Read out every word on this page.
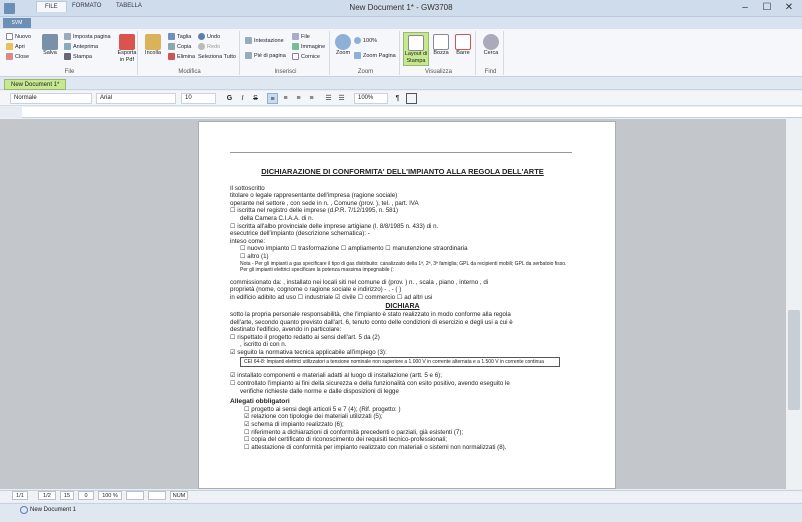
New Document 1* - GW3708	–	☐	✕
SVM
FILE	FORMATO	TABELLA
Nuovo
Apri
Close
Salva
Imposta pagina
Anteprima
Stampa
Esporta in Pdf
File
Incolla
Taglia
Copia
Elimina
Undo
Redo
Seleziona Tutto
Modifica
Intestazione
Piè di pagina
File
Immagine
Cornice
Inserisci
Zoom
100%
Zoom Pagina
Zoom
Layout di Stampa
Bozza	Barre
Visualizza
Cerca
Find
New Document 1*
Normale	Arial	10	G	I	S	≡	≡	≡	≡	☰ ☰	100%	¶
DICHIARAZIONE DI CONFORMITA' DELL'IMPIANTO ALLA REGOLA DELL'ARTE
Il sottoscritto
titolare o legale rappresentante dell'impresa (ragione sociale)
operante nel settore , con sede in n. , Comune (prov. ), tel. , part. IVA
☐ iscritta nel registro delle imprese (d.P.R. 7/12/1995, n. 581)
della Camera C.I.A.A. di n.
☐ iscritta all'albo provinciale delle imprese artigiane (l. 8/8/1985 n. 433) di n.
esecutrice dell'impianto (descrizione schematica): -
inteso come:
☐ nuovo impianto ☐ trasformazione ☐ ampliamento ☐ manutenzione straordinaria
☐ altro (1)
Nota - Per gli impianti a gas specificare il tipo di gas distribuito: canalizzato della 1ª, 2ª, 3ª famiglia; GPL da recipienti mobili; GPL da serbatoio fisso. Per gli impianti elettrici specificare la potenza massima impegnabile (:
commissionato da: , installato nei locali siti nel comune di (prov. ) n. , scala , piano , interno , di
proprietà (nome, cognome o ragione sociale e indirizzo) - , - ( )
in edificio adibito ad uso ☐ industriale ☑ civile ☐ commercio ☐ ad altri usi
DICHIARA
sotto la propria personale responsabilità, che l'impianto è stato realizzato in modo conforme alla regola
dell'arte, secondo quanto previsto dall'art. 6, tenuto conto delle condizioni di esercizio e degli usi a cui è
destinato l'edificio, avendo in particolare:
☐ rispettato il progetto redatto ai sensi dell'art. 5 da (2)
, iscritto di con n.
☑ seguito la normativa tecnica applicabile all'impiego (3):
CEI 64-8: Impianti elettrici utilizzatori a tensione nominale non superiore a 1.000 V in corrente alternata e a 1.500 V in corrente continua
☑ installato componenti e materiali adatti al luogo di installazione (artt. 5 e 6);
☐ controllato l'impianto ai fini della sicurezza e della funzionalità con esito positivo, avendo eseguito le
verifiche richieste dalle norme e dalle disposizioni di legge
Allegati obbligatori
☐ progetto ai sensi degli articoli 5 e 7 (4); (Rif. progetto: )
☑ relazione con tipologie dei materiali utilizzati (5);
☑ schema di impianto realizzato (6);
☐ riferimento a dichiarazioni di conformità precedenti o parziali, già esistenti (7);
☐ copia del certificato di riconoscimento dei requisiti tecnico-professionali;
☐ attestazione di conformità per impianto realizzato con materiali o sistemi non normalizzati (8).
1/1	1/2	15	0	100 %	NUM
New Document 1
